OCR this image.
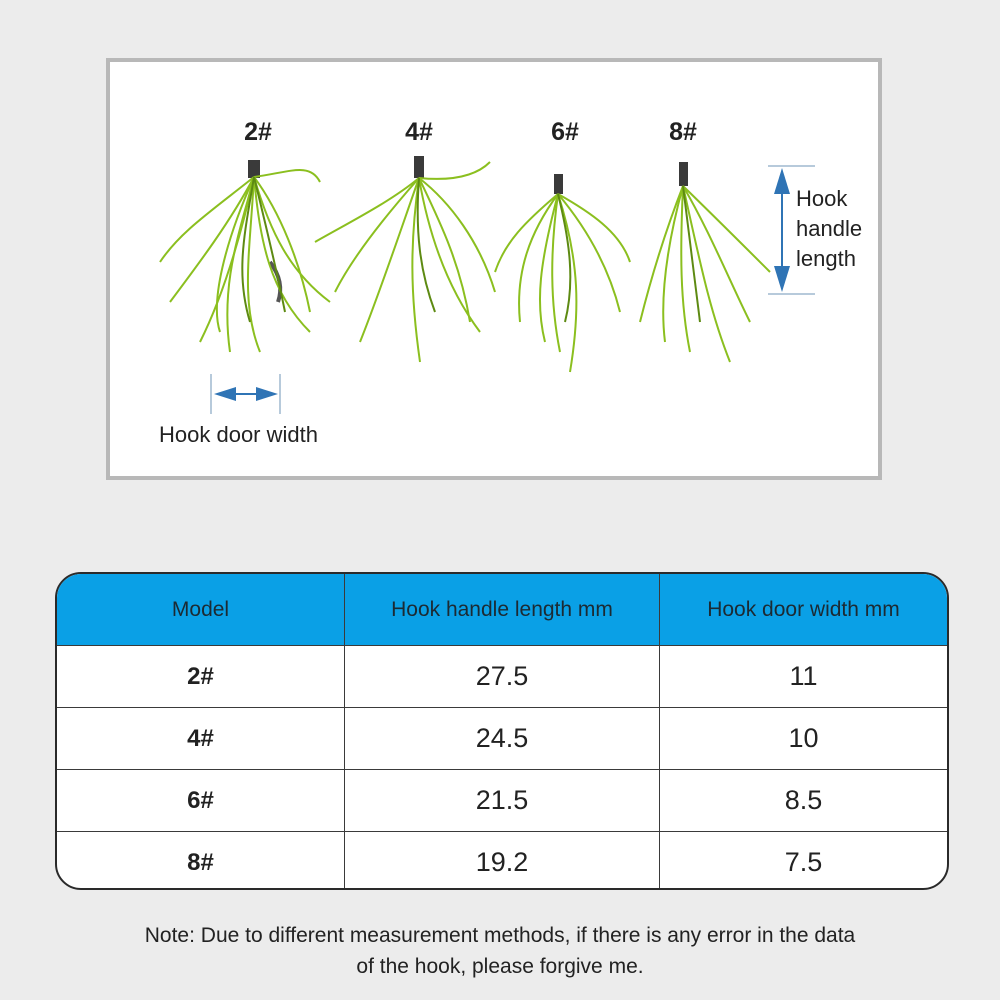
2#	4#	6#	8#
Hook
handle
length
Hook door width
Model	Hook handle length mm	Hook door width mm
2#	27.5	11
4#	24.5	10
6#	21.5	8.5
8#	19.2	7.5
Note: Due to different measurement methods, if there is any error in the data
of the hook, please forgive me.
